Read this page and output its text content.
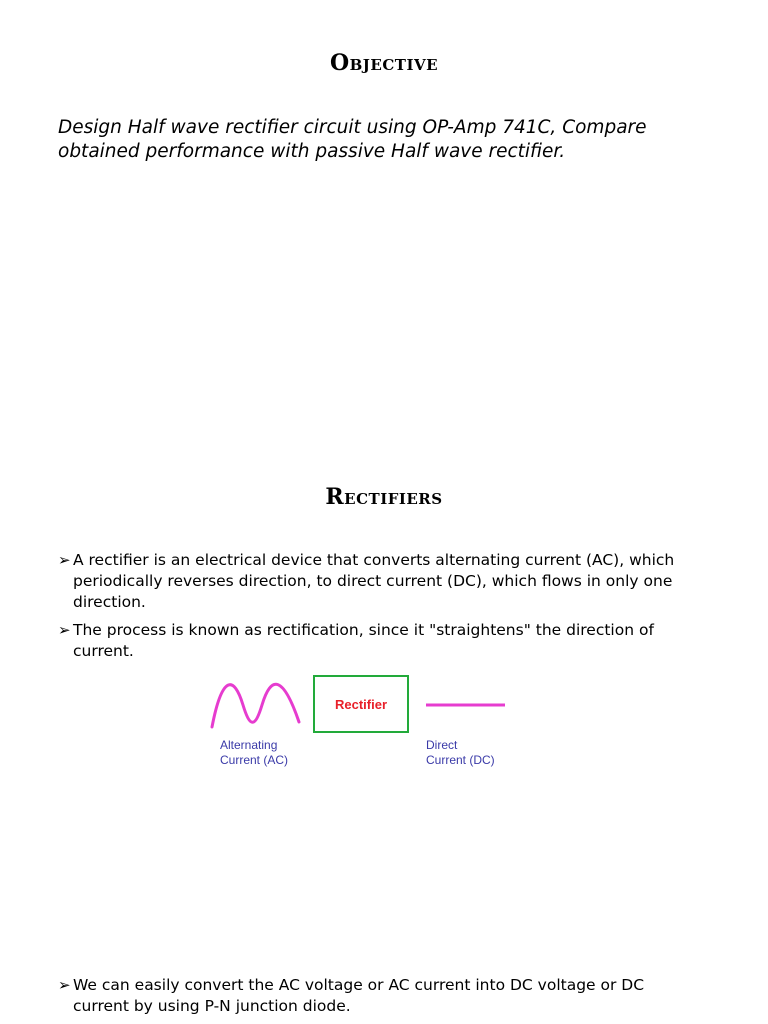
Objective

Design Half wave rectifier circuit using OP-Amp 741C, Compare
obtained performance with passive Half wave rectifier.

Rectifiers
➢ A rectifier is an electrical device that converts alternating current (AC), which
periodically reverses direction, to direct current (DC), which flows in only one
direction.
➢ The process is known as rectification, since it "straightens" the direction of
current.
Rectifier
Alternating
Current (AC)
Direct
Current (DC)
➢ We can easily convert the AC voltage or AC current into DC voltage or DC
current by using P-N junction diode.
